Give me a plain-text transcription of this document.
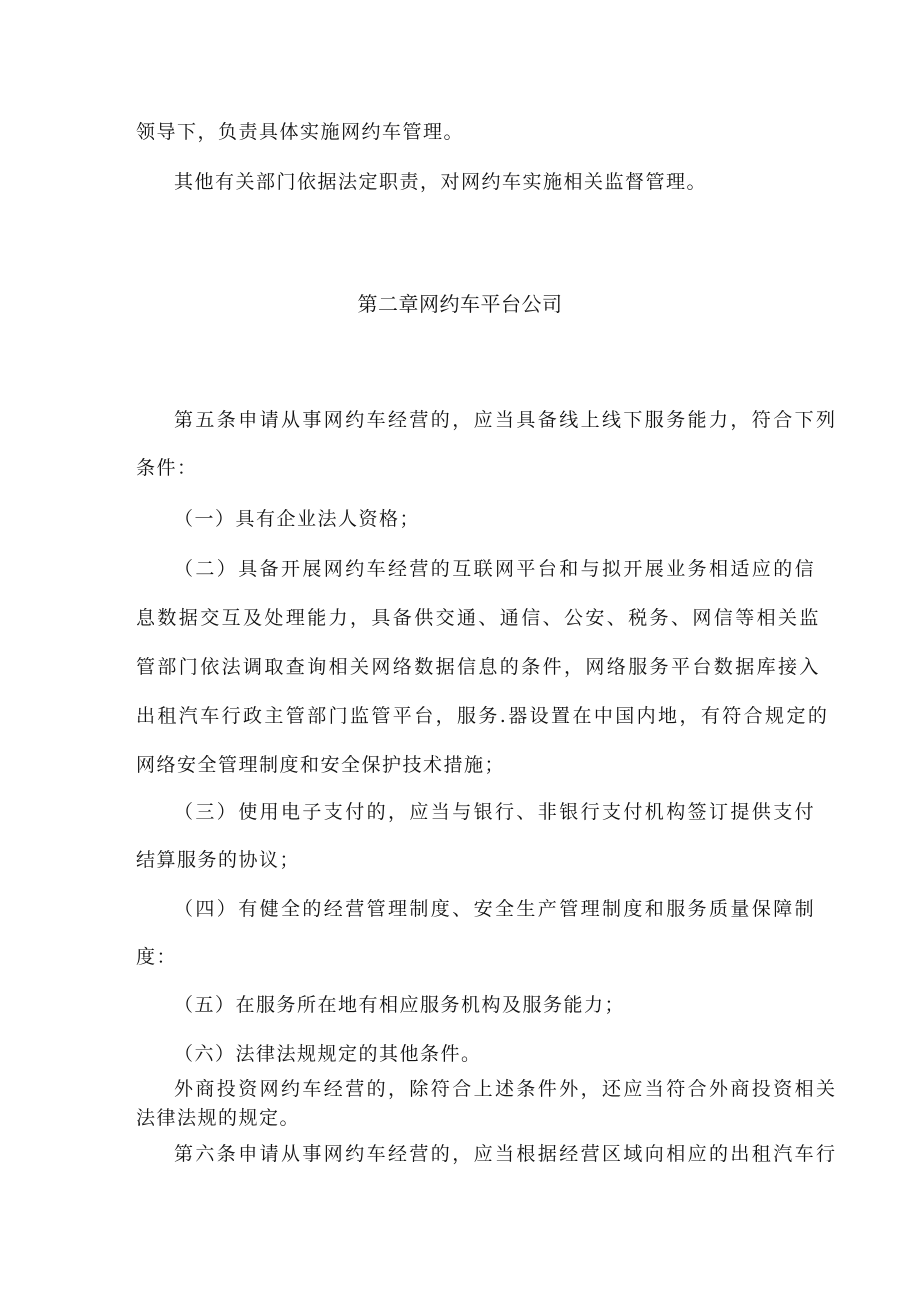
领导下，负责具体实施网约车管理。
其他有关部门依据法定职责，对网约车实施相关监督管理。
第二章网约车平台公司
第五条申请从事网约车经营的，应当具备线上线下服务能力，符合下列
条件：
（一）具有企业法人资格；
（二）具备开展网约车经营的互联网平台和与拟开展业务相适应的信
息数据交互及处理能力，具备供交通、通信、公安、税务、网信等相关监
管部门依法调取查询相关网络数据信息的条件，网络服务平台数据库接入
出租汽车行政主管部门监管平台，服务.器设置在中国内地，有符合规定的
网络安全管理制度和安全保护技术措施；
（三）使用电子支付的，应当与银行、非银行支付机构签订提供支付
结算服务的协议；
（四）有健全的经营管理制度、安全生产管理制度和服务质量保障制
度：
（五）在服务所在地有相应服务机构及服务能力；
（六）法律法规规定的其他条件。
外商投资网约车经营的，除符合上述条件外，还应当符合外商投资相关
法律法规的规定。
第六条申请从事网约车经营的，应当根据经营区域向相应的出租汽车行
